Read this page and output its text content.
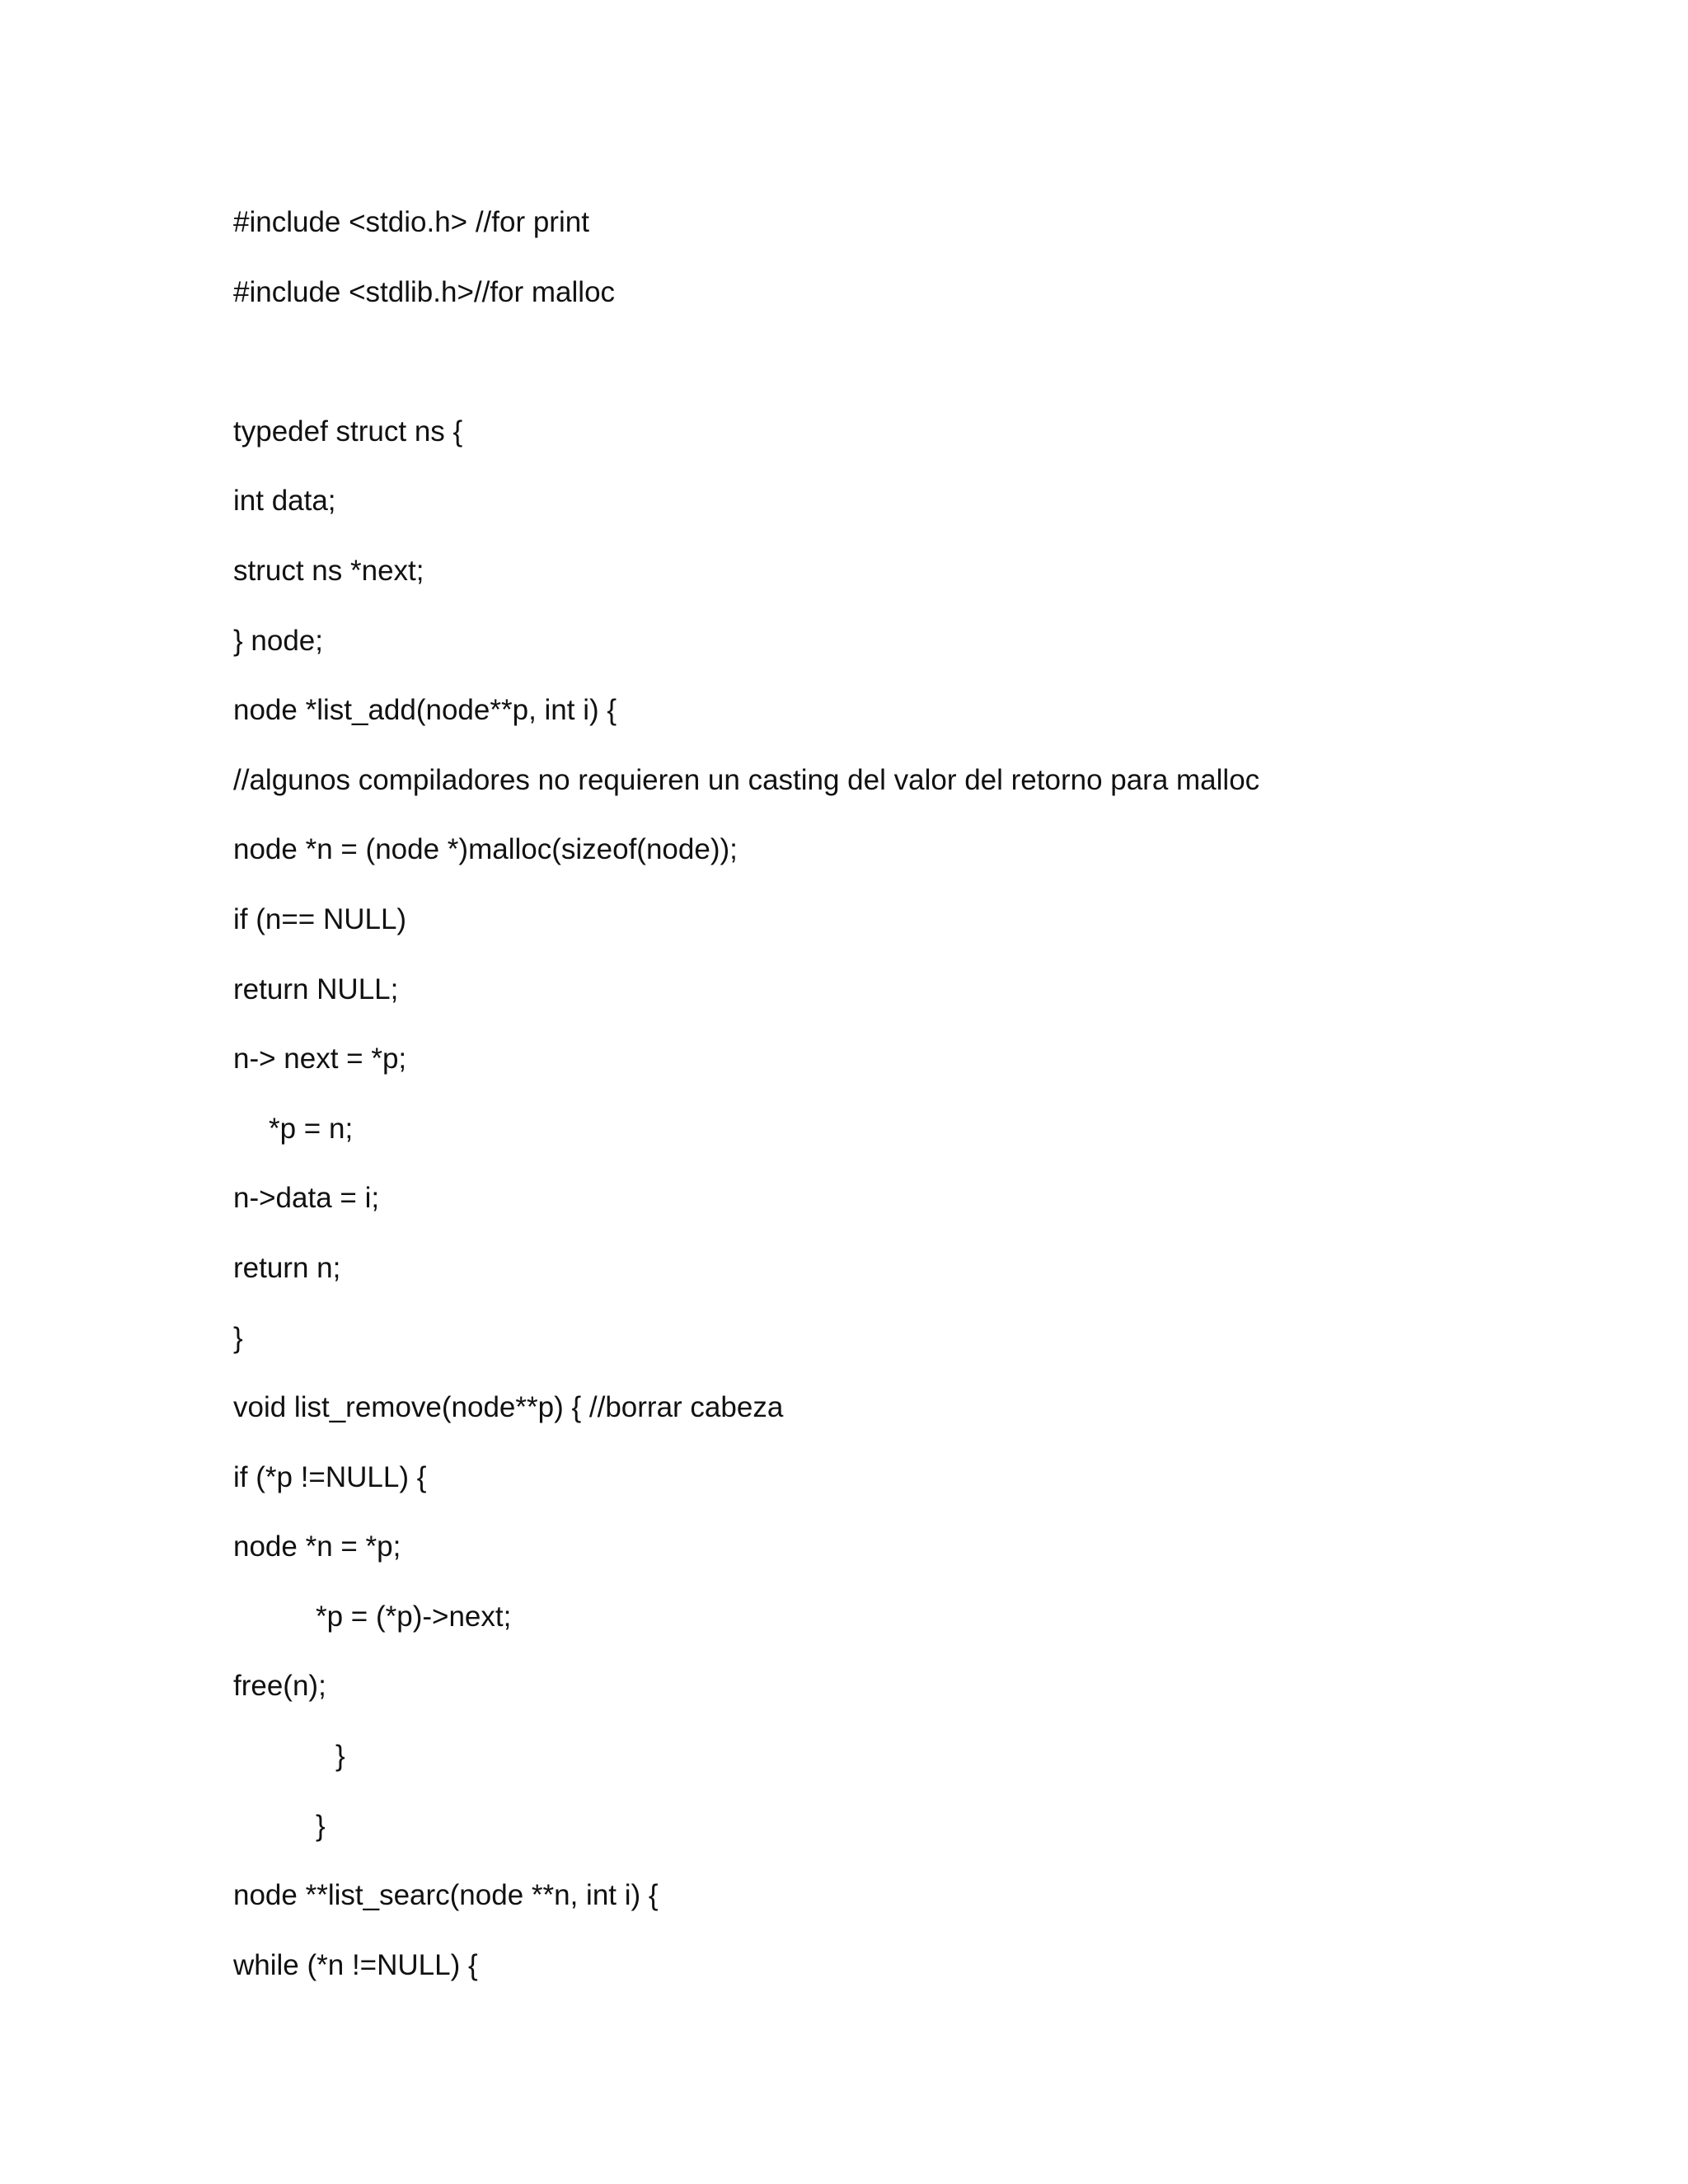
#include <stdio.h> //for print
#include <stdlib.h>//for malloc
typedef struct ns {
int data;
struct ns *next;
} node;
node *list_add(node**p, int i) {
//algunos compiladores no requieren un casting del valor del retorno para malloc
node *n = (node *)malloc(sizeof(node));
if (n== NULL)
return NULL;
n-> next = *p;
*p = n;
n->data = i;
return n;
}
void list_remove(node**p) { //borrar cabeza
if (*p !=NULL) {
node *n = *p;
*p = (*p)->next;
free(n);
}
}
node **list_searc(node **n, int i) {
while (*n !=NULL) {
